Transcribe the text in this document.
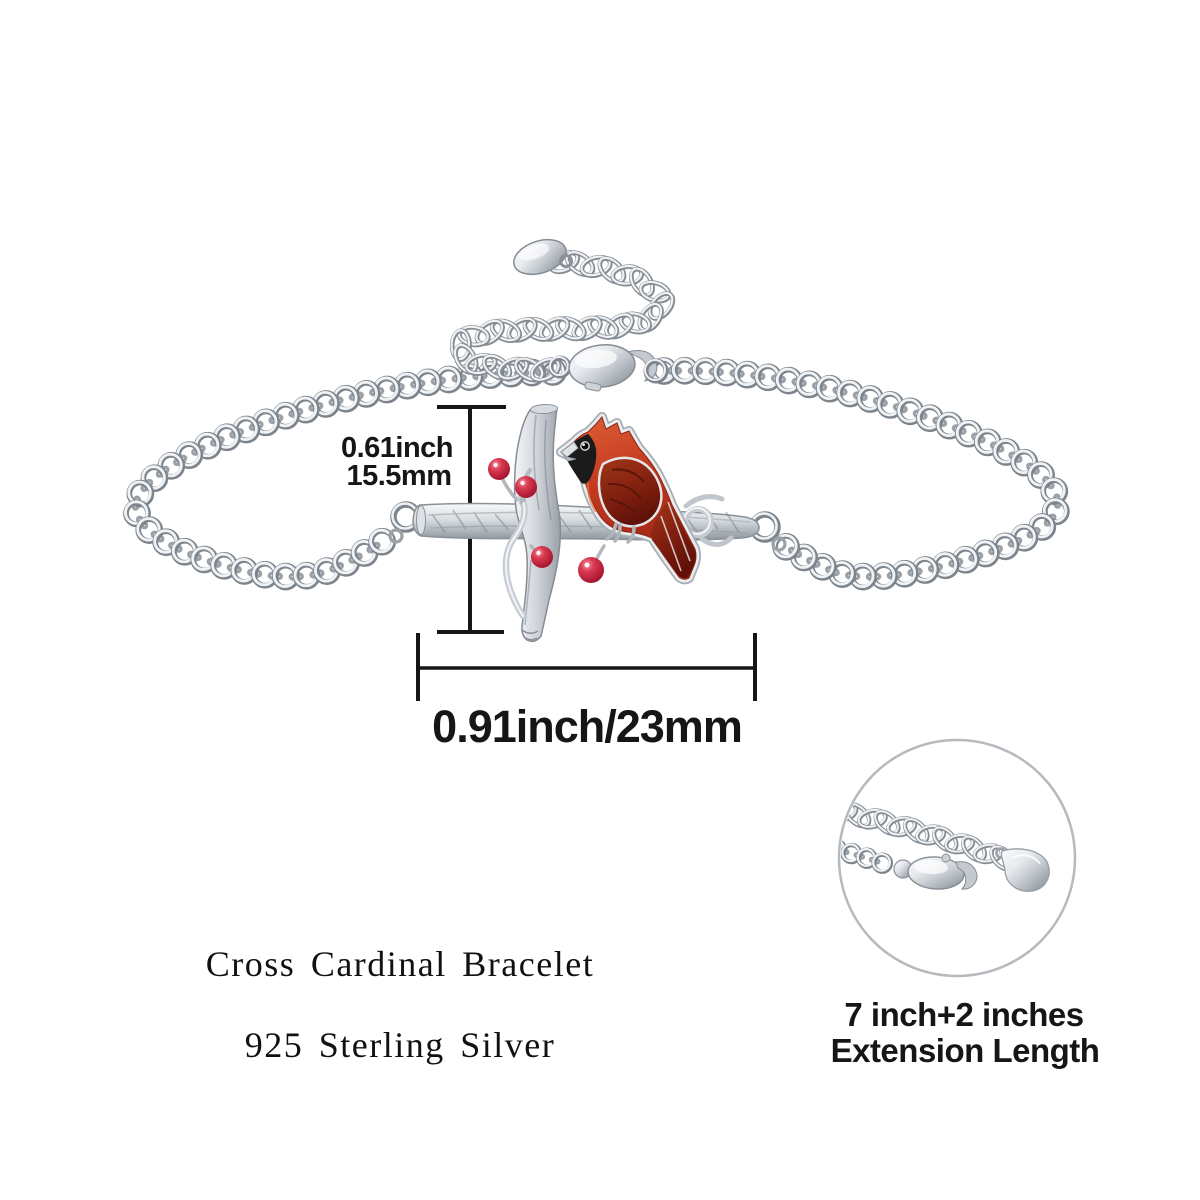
0.61inch
15.5mm
0.91inch/23mm
Cross Cardinal Bracelet
925 Sterling Silver
7 inch+2 inches
Extension Length
